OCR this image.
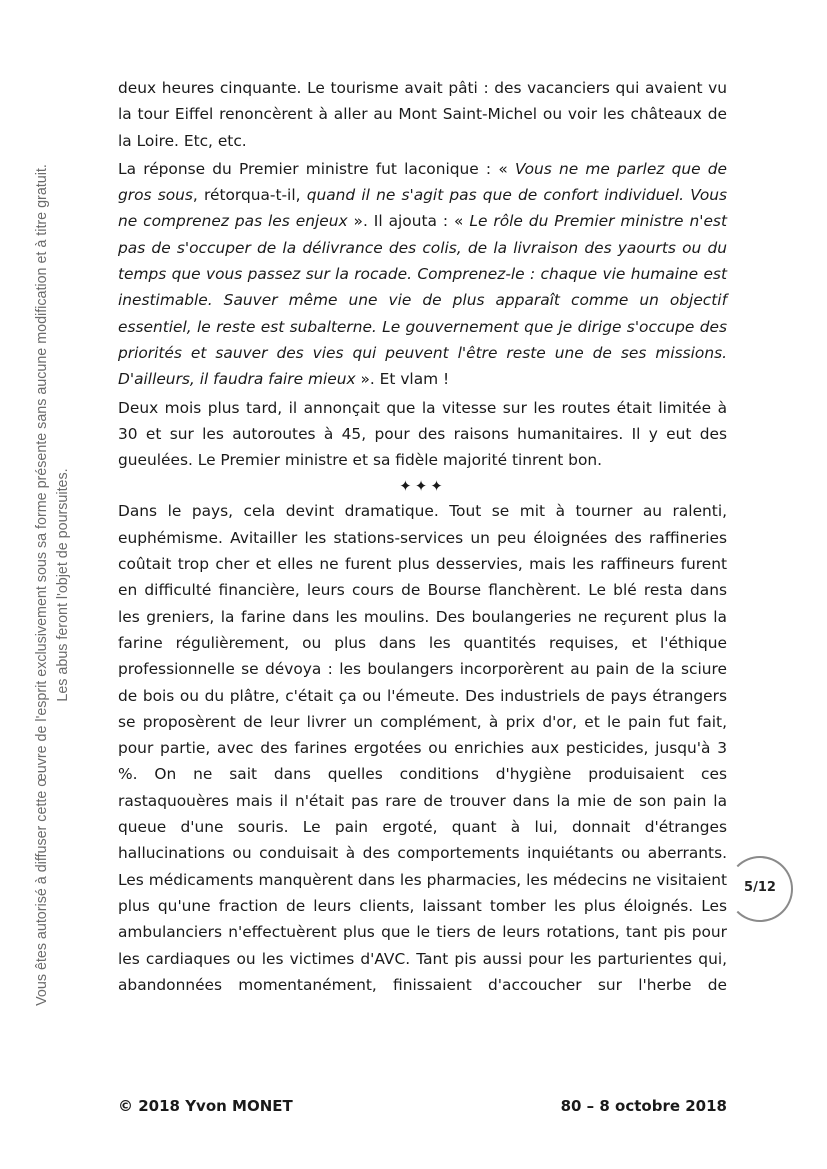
Vous êtes autorisé à diffuser cette œuvre de l'esprit exclusivement sous sa forme présente sans aucune modification et à titre gratuit. Les abus feront l'objet de poursuites.

deux heures cinquante. Le tourisme avait pâti : des vacanciers qui avaient vu la tour Eiffel renoncèrent à aller au Mont Saint-Michel ou voir les châteaux de la Loire. Etc, etc.

La réponse du Premier ministre fut laconique : « Vous ne me parlez que de gros sous, rétorqua-t-il, quand il ne s'agit pas que de confort individuel. Vous ne comprenez pas les enjeux ». Il ajouta : « Le rôle du Premier ministre n'est pas de s'occuper de la délivrance des colis, de la livraison des yaourts ou du temps que vous passez sur la rocade. Comprenez-le : chaque vie humaine est inestimable. Sauver même une vie de plus apparaît comme un objectif essentiel, le reste est subalterne. Le gouvernement que je dirige s'occupe des priorités et sauver des vies qui peuvent l'être reste une de ses missions. D'ailleurs, il faudra faire mieux ». Et vlam !

Deux mois plus tard, il annonçait que la vitesse sur les routes était limitée à 30 et sur les autoroutes à 45, pour des raisons humanitaires. Il y eut des gueulées. Le Premier ministre et sa fidèle majorité tinrent bon.

✦✦✦

Dans le pays, cela devint dramatique. Tout se mit à tourner au ralenti, euphémisme. Avitailler les stations-services un peu éloignées des raffineries coûtait trop cher et elles ne furent plus desservies, mais les raffineurs furent en difficulté financière, leurs cours de Bourse flanchèrent. Le blé resta dans les greniers, la farine dans les moulins. Des boulangeries ne reçurent plus la farine régulièrement, ou plus dans les quantités requises, et l'éthique professionnelle se dévoya : les boulangers incorporèrent au pain de la sciure de bois ou du plâtre, c'était ça ou l'émeute. Des industriels de pays étrangers se proposèrent de leur livrer un complément, à prix d'or, et le pain fut fait, pour partie, avec des farines ergotées ou enrichies aux pesticides, jusqu'à 3 %. On ne sait dans quelles conditions d'hygiène produisaient ces rastaquouères mais il n'était pas rare de trouver dans la mie de son pain la queue d'une souris. Le pain ergoté, quant à lui, donnait d'étranges hallucinations ou conduisait à des comportements inquiétants ou aberrants. Les médicaments manquèrent dans les pharmacies, les médecins ne visitaient plus qu'une fraction de leurs clients, laissant tomber les plus éloignés. Les ambulanciers n'effectuèrent plus que le tiers de leurs rotations, tant pis pour les cardiaques ou les victimes d'AVC. Tant pis aussi pour les parturientes qui, abandonnées momentanément, finissaient d'accoucher sur l'herbe de

5/12
© 2018 Yvon MONET	80 – 8 octobre 2018
